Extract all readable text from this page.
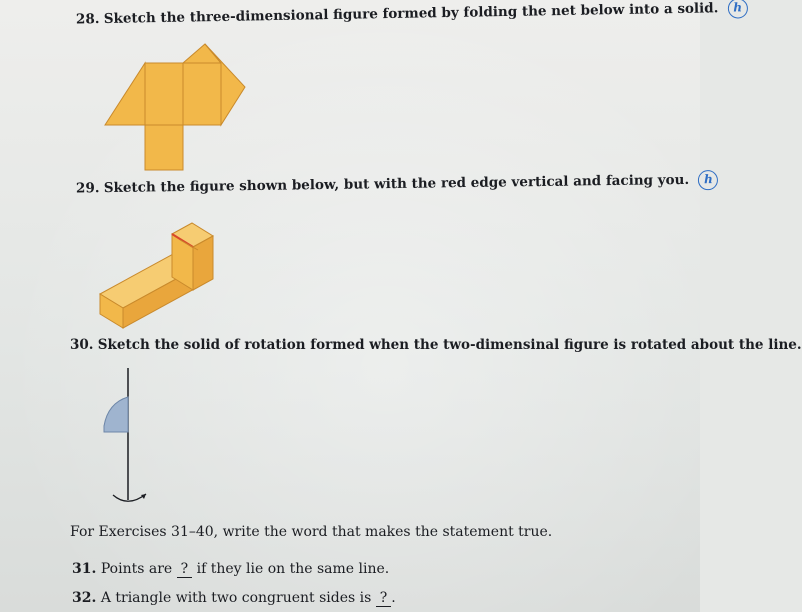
28. Sketch the three-dimensional figure formed by folding the net below into a solid. h
29. Sketch the figure shown below, but with the red edge vertical and facing you. h
30. Sketch the solid of rotation formed when the two-dimensinal figure is rotated about the line.
For Exercises 31–40, write the word that makes the statement true.
31. Points are ? if they lie on the same line.
32. A triangle with two congruent sides is ? .
